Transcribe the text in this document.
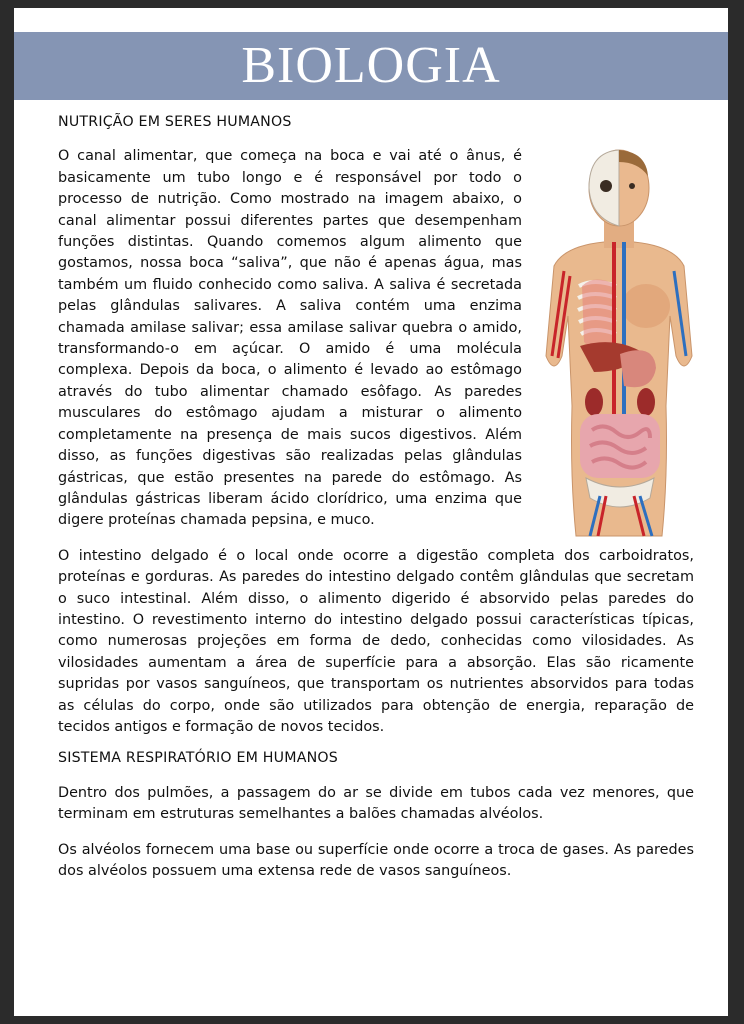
BIOLOGIA
NUTRIÇÃO EM SERES HUMANOS

O canal alimentar, que começa na boca e vai até o ânus, é basicamente um tubo longo e é responsável por todo o processo de nutrição. Como mostrado na imagem abaixo, o canal alimentar possui diferentes partes que desempenham funções distintas. Quando comemos algum alimento que gostamos, nossa boca “saliva”, que não é apenas água, mas também um fluido conhecido como saliva. A saliva é secretada pelas glândulas salivares. A saliva contém uma enzima chamada amilase salivar; essa amilase salivar quebra o amido, transformando-o em açúcar. O amido é uma molécula complexa. Depois da boca, o alimento é levado ao estômago através do tubo alimentar chamado esôfago. As paredes musculares do estômago ajudam a misturar o alimento completamente na presença de mais sucos digestivos. Além disso, as funções digestivas são realizadas pelas glândulas gástricas, que estão presentes na parede do estômago. As glândulas gástricas liberam ácido clorídrico, uma enzima que digere proteínas chamada pepsina, e muco.

O intestino delgado é o local onde ocorre a digestão completa dos carboidratos, proteínas e gorduras. As paredes do intestino delgado contêm glândulas que secretam o suco intestinal. Além disso, o alimento digerido é absorvido pelas paredes do intestino. O revestimento interno do intestino delgado possui características típicas, como numerosas projeções em forma de dedo, conhecidas como vilosidades. As vilosidades aumentam a área de superfície para a absorção. Elas são ricamente supridas por vasos sanguíneos, que transportam os nutrientes absorvidos para todas as células do corpo, onde são utilizados para obtenção de energia, reparação de tecidos antigos e formação de novos tecidos.

SISTEMA RESPIRATÓRIO EM HUMANOS

Dentro dos pulmões, a passagem do ar se divide em tubos cada vez menores, que terminam em estruturas semelhantes a balões chamadas alvéolos.

Os alvéolos fornecem uma base ou superfície onde ocorre a troca de gases. As paredes dos alvéolos possuem uma extensa rede de vasos sanguíneos.
